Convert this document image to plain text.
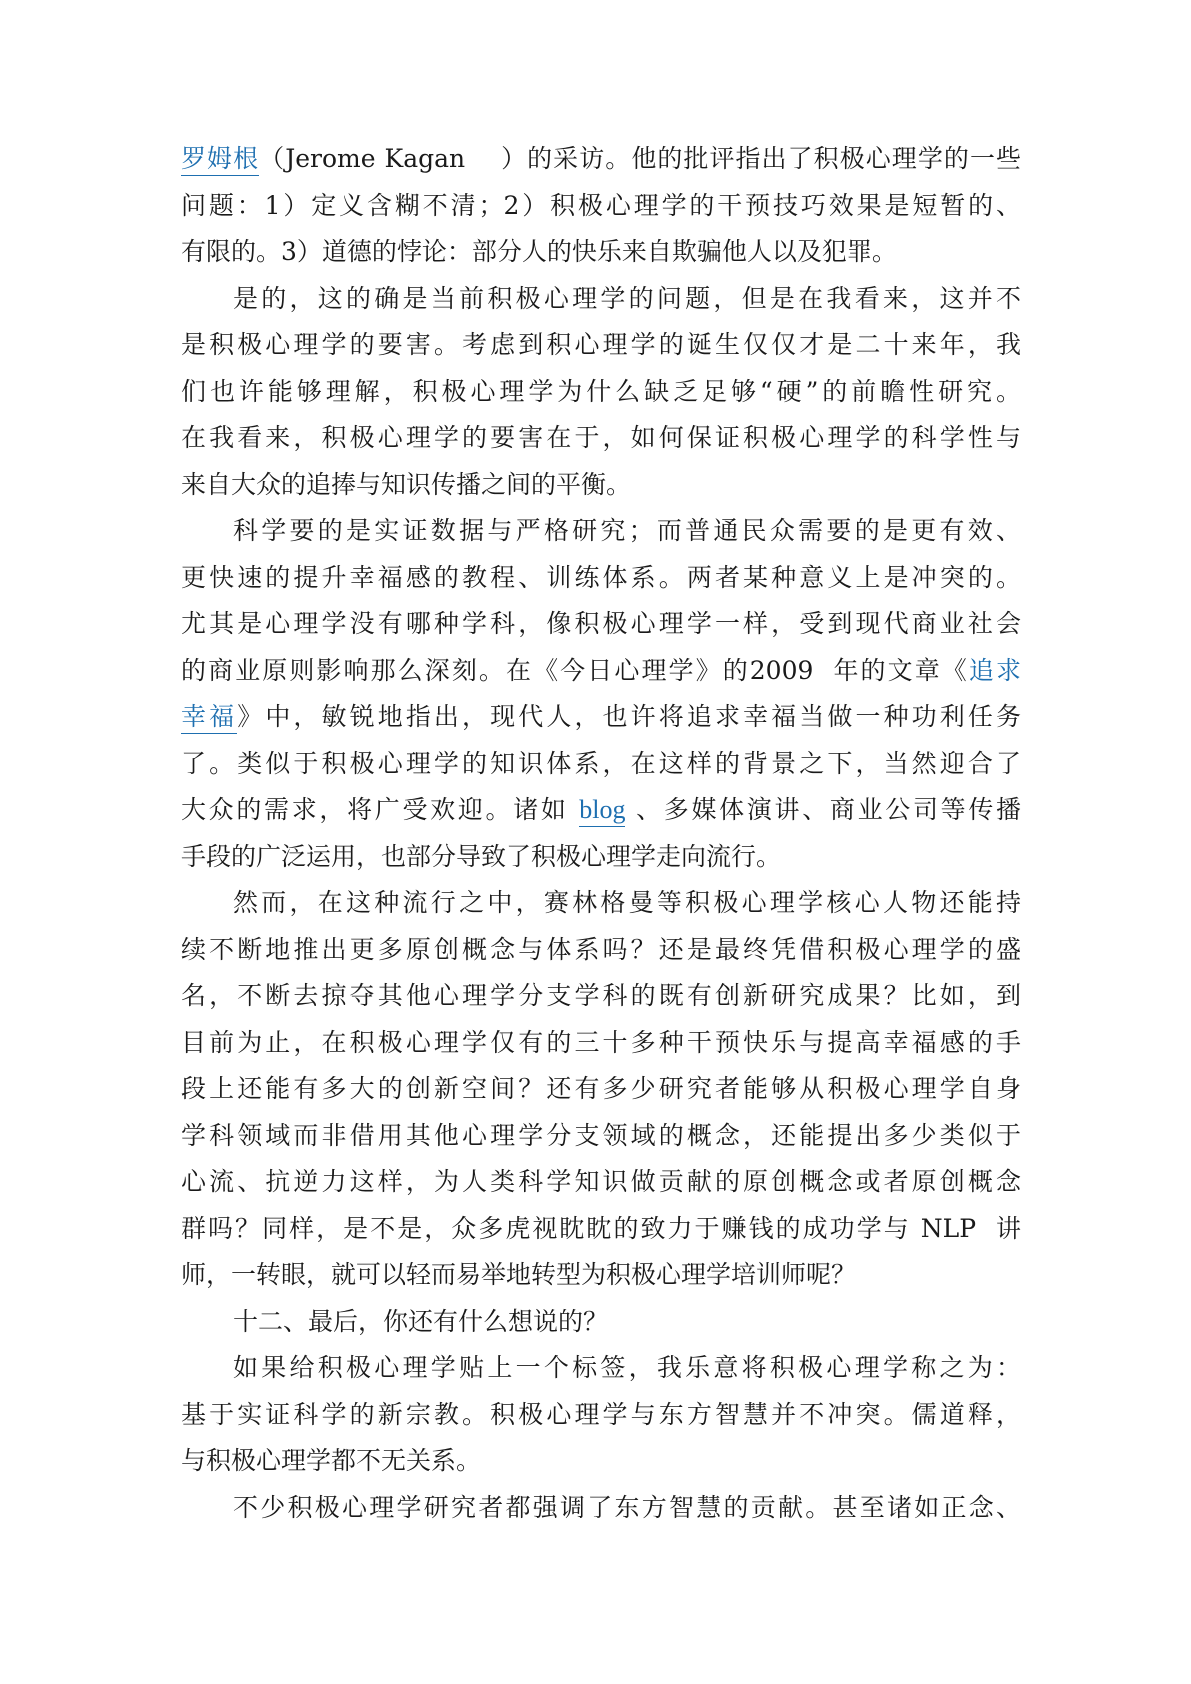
罗姆根（Jerome Kagan    ）的采访。他的批评指出了积极心理学的一些
问题：1）定义含糊不清；2）积极心理学的干预技巧效果是短暂的、
有限的。3）道德的悖论：部分人的快乐来自欺骗他人以及犯罪。
是的，这的确是当前积极心理学的问题，但是在我看来，这并不
是积极心理学的要害。考虑到积心理学的诞生仅仅才是二十来年，我
们也许能够理解，积极心理学为什么缺乏足够“硬”的前瞻性研究。
在我看来，积极心理学的要害在于，如何保证积极心理学的科学性与
来自大众的追捧与知识传播之间的平衡。
科学要的是实证数据与严格研究；而普通民众需要的是更有效、
更快速的提升幸福感的教程、训练体系。两者某种意义上是冲突的。
尤其是心理学没有哪种学科，像积极心理学一样，受到现代商业社会
的商业原则影响那么深刻。在《今日心理学》的2009  年的文章《追求
幸福》中，敏锐地指出，现代人，也许将追求幸福当做一种功利任务
了。类似于积极心理学的知识体系，在这样的背景之下，当然迎合了
大众的需求，将广受欢迎。诸如 blog 、多媒体演讲、商业公司等传播
手段的广泛运用，也部分导致了积极心理学走向流行。
然而，在这种流行之中，赛林格曼等积极心理学核心人物还能持
续不断地推出更多原创概念与体系吗？还是最终凭借积极心理学的盛
名，不断去掠夺其他心理学分支学科的既有创新研究成果？比如，到
目前为止，在积极心理学仅有的三十多种干预快乐与提高幸福感的手
段上还能有多大的创新空间？还有多少研究者能够从积极心理学自身
学科领域而非借用其他心理学分支领域的概念，还能提出多少类似于
心流、抗逆力这样，为人类科学知识做贡献的原创概念或者原创概念
群吗？同样，是不是，众多虎视眈眈的致力于赚钱的成功学与 NLP  讲
师，一转眼，就可以轻而易举地转型为积极心理学培训师呢？
十二、最后，你还有什么想说的？
如果给积极心理学贴上一个标签，我乐意将积极心理学称之为：
基于实证科学的新宗教。积极心理学与东方智慧并不冲突。儒道释，
与积极心理学都不无关系。
不少积极心理学研究者都强调了东方智慧的贡献。甚至诸如正念、
